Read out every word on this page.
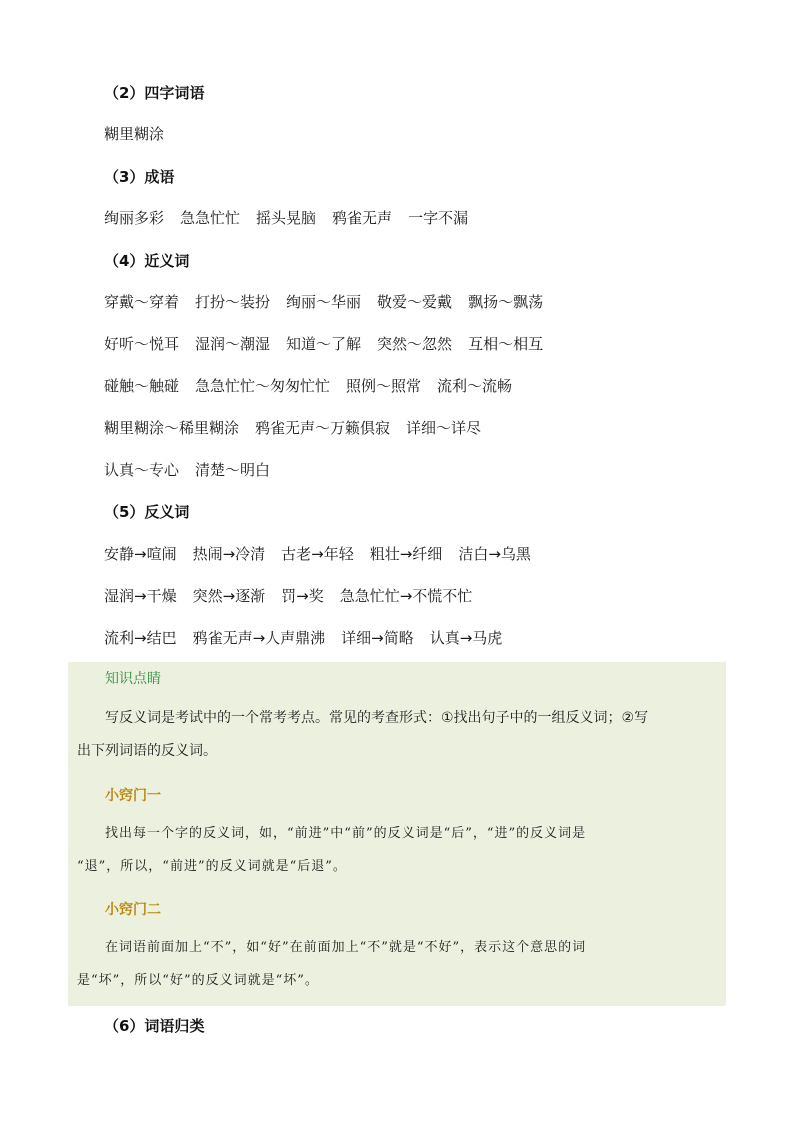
（2）四字词语
糊里糊涂
（3）成语
绚丽多彩 急急忙忙 摇头晃脑 鸦雀无声 一字不漏
（4）近义词
穿戴～穿着 打扮～装扮 绚丽～华丽 敬爱～爱戴 飘扬～飘荡
好听～悦耳 湿润～潮湿 知道～了解 突然～忽然 互相～相互
碰触～触碰 急急忙忙～匆匆忙忙 照例～照常 流利～流畅
糊里糊涂～稀里糊涂 鸦雀无声～万籁俱寂 详细～详尽
认真～专心 清楚～明白
（5）反义词
安静→喧闹 热闹→冷清 古老→年轻 粗壮→纤细 洁白→乌黑
湿润→干燥 突然→逐渐 罚→奖 急急忙忙→不慌不忙
流利→结巴 鸦雀无声→人声鼎沸 详细→简略 认真→马虎
知识点睛
写反义词是考试中的一个常考考点。常见的考查形式：①找出句子中的一组反义词；②写
出下列词语的反义词。
小窍门一
找出每一个字的反义词，如，“前进”中“前”的反义词是“后”，“进”的反义词是
“退”，所以，“前进”的反义词就是“后退”。
小窍门二
在词语前面加上“不”，如“好”在前面加上“不”就是“不好”，表示这个意思的词
是“坏”，所以“好”的反义词就是“坏”。
（6）词语归类
